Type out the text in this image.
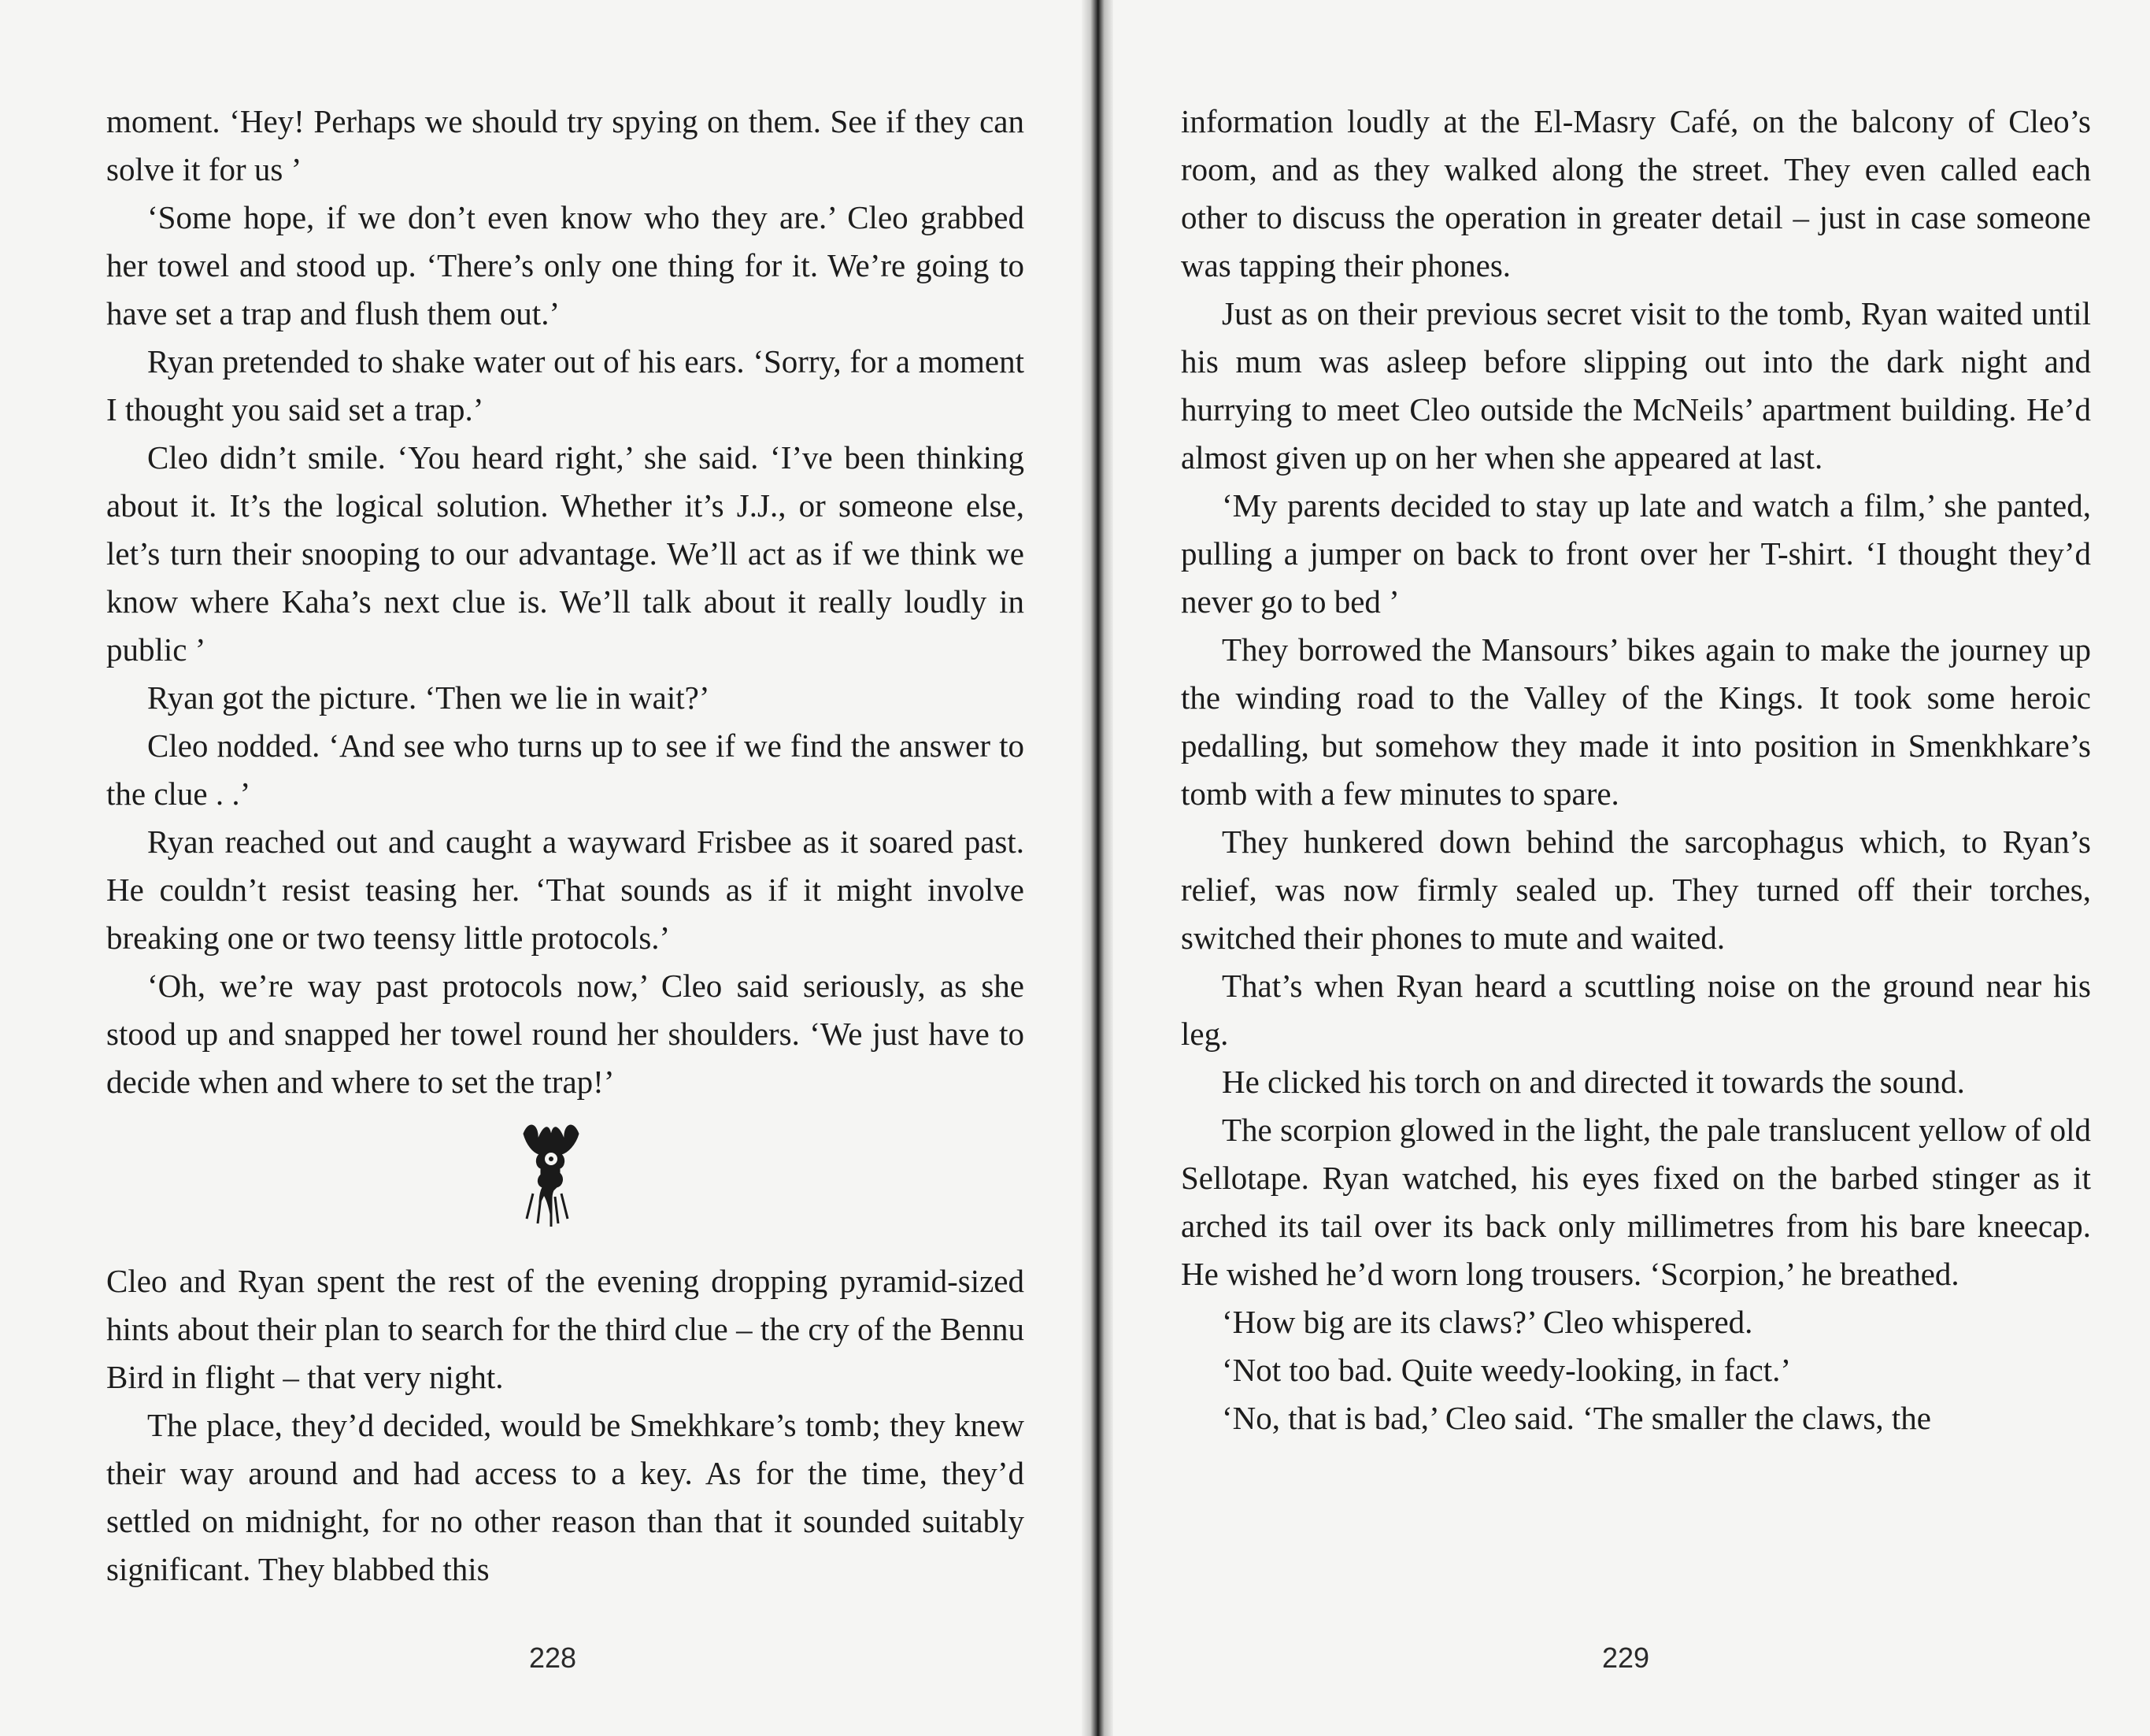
moment. ‘Hey! Perhaps we should try spying on them. See if they can solve it for us ’

‘Some hope, if we don’t even know who they are.’ Cleo grabbed her towel and stood up. ‘There’s only one thing for it. We’re going to have set a trap and flush them out.’

Ryan pretended to shake water out of his ears. ‘Sorry, for a moment I thought you said set a trap.’

Cleo didn’t smile. ‘You heard right,’ she said. ‘I’ve been thinking about it. It’s the logical solution. Whether it’s J.J., or someone else, let’s turn their snooping to our advantage. We’ll act as if we think we know where Kaha’s next clue is. We’ll talk about it really loudly in public ’

Ryan got the picture. ‘Then we lie in wait?’

Cleo nodded. ‘And see who turns up to see if we find the answer to the clue . .’

Ryan reached out and caught a wayward Frisbee as it soared past. He couldn’t resist teasing her. ‘That sounds as if it might involve breaking one or two teensy little protocols.’

‘Oh, we’re way past protocols now,’ Cleo said seriously, as she stood up and snapped her towel round her shoulders. ‘We just have to decide when and where to set the trap!’

Cleo and Ryan spent the rest of the evening dropping pyramid-sized hints about their plan to search for the third clue – the cry of the Bennu Bird in flight – that very night.

The place, they’d decided, would be Smekhkare’s tomb; they knew their way around and had access to a key. As for the time, they’d settled on midnight, for no other reason than that it sounded suitably significant. They blabbed this

228

information loudly at the El-Masry Café, on the balcony of Cleo’s room, and as they walked along the street. They even called each other to discuss the operation in greater detail – just in case someone was tapping their phones.

Just as on their previous secret visit to the tomb, Ryan waited until his mum was asleep before slipping out into the dark night and hurrying to meet Cleo outside the McNeils’ apartment building. He’d almost given up on her when she appeared at last.

‘My parents decided to stay up late and watch a film,’ she panted, pulling a jumper on back to front over her T-shirt. ‘I thought they’d never go to bed ’

They borrowed the Mansours’ bikes again to make the journey up the winding road to the Valley of the Kings. It took some heroic pedalling, but somehow they made it into position in Smenkhkare’s tomb with a few minutes to spare.

They hunkered down behind the sarcophagus which, to Ryan’s relief, was now firmly sealed up. They turned off their torches, switched their phones to mute and waited.

That’s when Ryan heard a scuttling noise on the ground near his leg.

He clicked his torch on and directed it towards the sound.

The scorpion glowed in the light, the pale translucent yellow of old Sellotape. Ryan watched, his eyes fixed on the barbed stinger as it arched its tail over its back only millimetres from his bare kneecap. He wished he’d worn long trousers. ‘Scorpion,’ he breathed.

‘How big are its claws?’ Cleo whispered.

‘Not too bad. Quite weedy-looking, in fact.’

‘No, that is bad,’ Cleo said. ‘The smaller the claws, the

229
